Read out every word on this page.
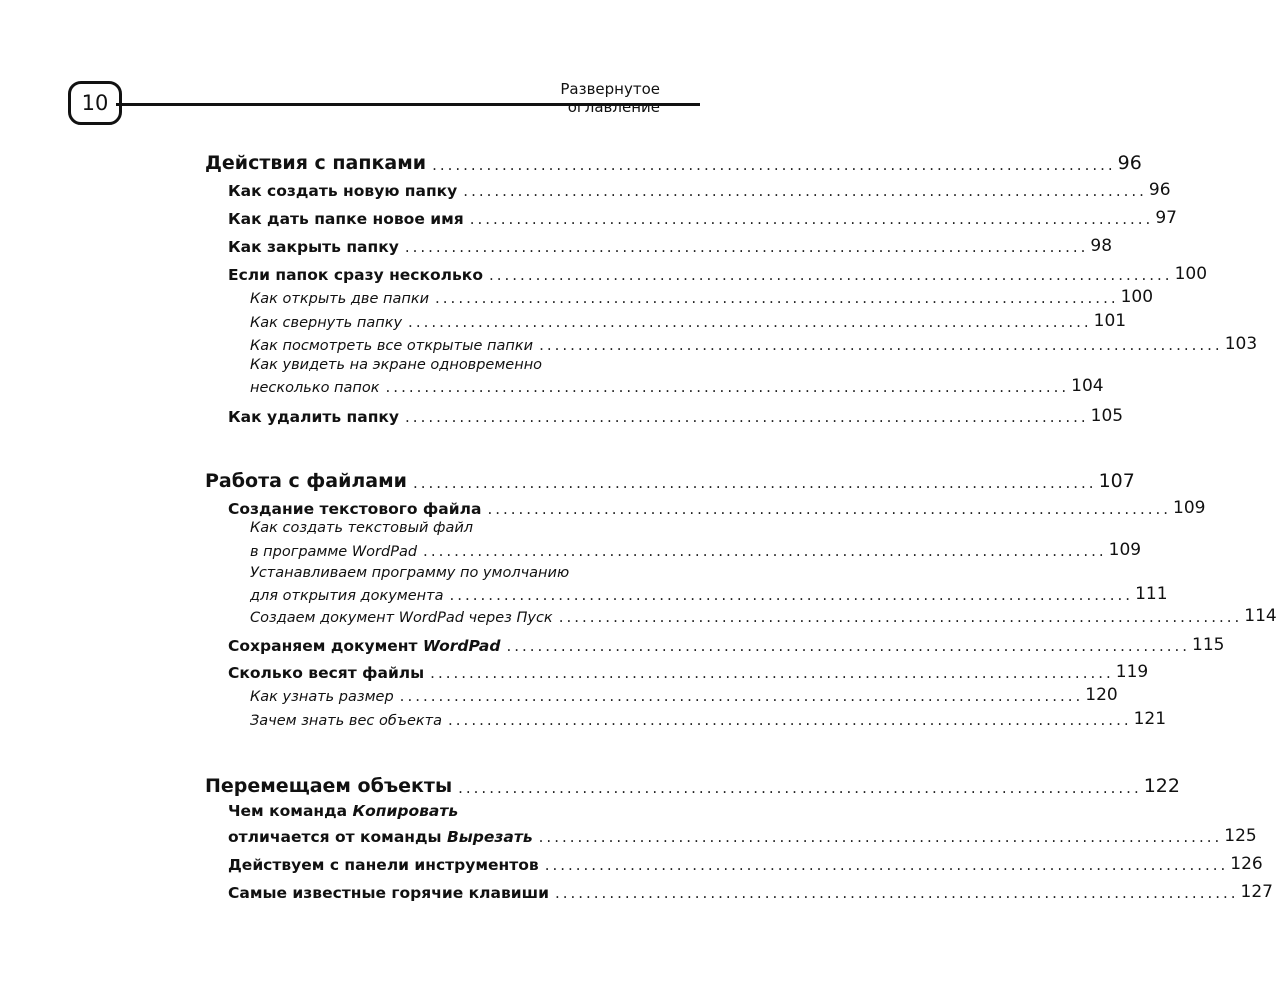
10
Развернутое оглавление
Действия с папками ........................................................................................ 96
Как создать новую папку ........................................................................................ 96
Как дать папке новое имя ........................................................................................ 97
Как закрыть папку ........................................................................................ 98
Если папок сразу несколько ........................................................................................ 100
Как открыть две папки ........................................................................................ 100
Как свернуть папку ........................................................................................ 101
Как посмотреть все открытые папки ........................................................................................ 103
Как увидеть на экране одновременно
несколько папок ........................................................................................ 104
Как удалить папку ........................................................................................ 105
Работа с файлами ........................................................................................ 107
Создание текстового файла ........................................................................................ 109
Как создать текстовый файл
в программе WordPad ........................................................................................ 109
Устанавливаем программу по умолчанию
для открытия документа ........................................................................................ 111
Создаем документ WordPad через Пуск ........................................................................................ 114
Сохраняем документ WordPad ........................................................................................ 115
Сколько весят файлы ........................................................................................ 119
Как узнать размер ........................................................................................ 120
Зачем знать вес объекта ........................................................................................ 121
Перемещаем объекты ........................................................................................ 122
Чем команда Копировать
отличается от команды Вырезать ........................................................................................ 125
Действуем с панели инструментов ........................................................................................ 126
Самые известные горячие клавиши ........................................................................................ 127
